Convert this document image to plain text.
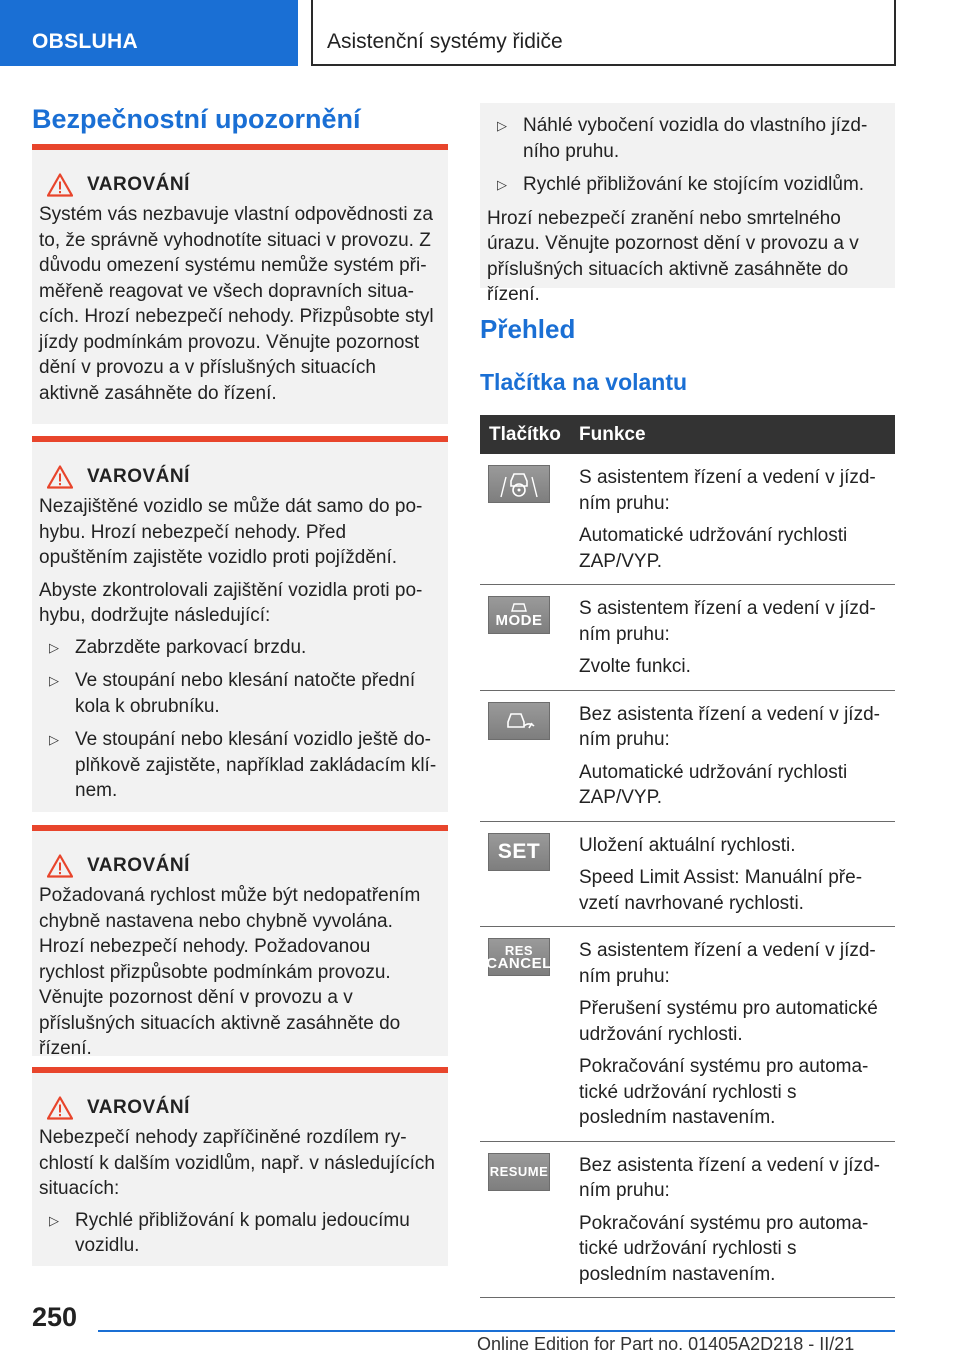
OBSLUHA	Asistenční systémy řidiče
Bezpečnostní upozornění
VAROVÁNÍ

Systém vás nezbavuje vlastní odpovědnosti za to, že správně vyhodnotíte situaci v provozu. Z důvodu omezení systému nemůže systém přiměřeně reagovat ve všech dopravních situacích. Hrozí nebezpečí nehody. Přizpůsobte styl jízdy podmínkám provozu. Věnujte pozornost dění v provozu a v příslušných situacích aktivně zasáhněte do řízení.

VAROVÁNÍ

Nezajištěné vozidlo se může dát samo do pohybu. Hrozí nebezpečí nehody. Před opuštěním zajistěte vozidlo proti pojíždění.

Abyste zkontrolovali zajištění vozidla proti pohybu, dodržujte následující:

▷ Zabrzděte parkovací brzdu.
▷ Ve stoupání nebo klesání natočte přední kola k obrubníku.
▷ Ve stoupání nebo klesání vozidlo ještě doplňkově zajistěte, například zakládacím klínem.
VAROVÁNÍ

Požadovaná rychlost může být nedopatřením chybně nastavena nebo chybně vyvolána. Hrozí nebezpečí nehody. Požadovanou rychlost přizpůsobte podmínkám provozu. Věnujte pozornost dění v provozu a v příslušných situacích aktivně zasáhněte do řízení.

VAROVÁNÍ

Nebezpečí nehody zapříčiněné rozdílem rychlostí k dalším vozidlům, např. v následujících situacích:

▷ Rychlé přibližování k pomalu jedoucímu vozidlu.
▷ Náhlé vybočení vozidla do vlastního jízdního pruhu.
▷ Rychlé přibližování ke stojícím vozidlům.

Hrozí nebezpečí zranění nebo smrtelného úrazu. Věnujte pozornost dění v provozu a v příslušných situacích aktivně zasáhněte do řízení.

Přehled
Tlačítka na volantu
Tlačítko Funkce

S asistentem řízení a vedení v jízdním pruhu:

Automatické udržování rychlosti ZAP/VYP.

MODE

S asistentem řízení a vedení v jízdním pruhu:

Zvolte funkci.

Bez asistenta řízení a vedení v jízdním pruhu:

Automatické udržování rychlosti ZAP/VYP.

SET Uložení aktuální rychlosti.

Speed Limit Assist: Manuální převzetí navrhované rychlosti.

RES
CANCEL

S asistentem řízení a vedení v jízdním pruhu:

Přerušení systému pro automatické udržování rychlosti.

Pokračování systému pro automatické udržování rychlosti s posledním nastavením.

RESUME Bez asistenta řízení a vedení v jízdním pruhu:

Pokračování systému pro automatické udržování rychlosti s posledním nastavením.

250
Online Edition for Part no. 01405A2D218 - II/21
